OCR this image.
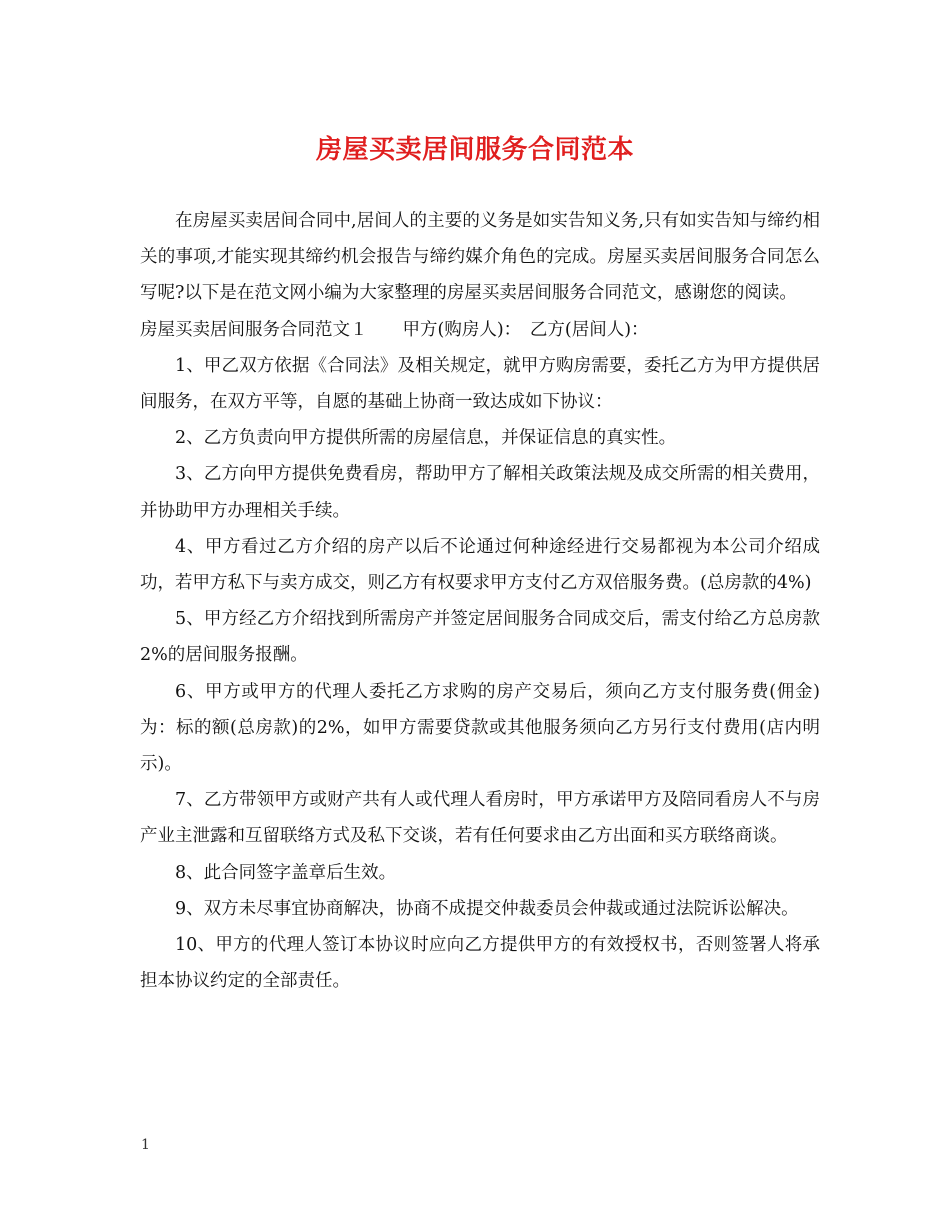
房屋买卖居间服务合同范本

在房屋买卖居间合同中,居间人的主要的义务是如实告知义务,只有如实告知与缔约相关的事项,才能实现其缔约机会报告与缔约媒介角色的完成。房屋买卖居间服务合同怎么写呢?以下是在范文网小编为大家整理的房屋买卖居间服务合同范文，感谢您的阅读。

房屋买卖居间服务合同范文１　　甲方(购房人)：　乙方(居间人)：

1、甲乙双方依据《合同法》及相关规定，就甲方购房需要，委托乙方为甲方提供居间服务，在双方平等，自愿的基础上协商一致达成如下协议：

2、乙方负责向甲方提供所需的房屋信息，并保证信息的真实性。

3、乙方向甲方提供免费看房，帮助甲方了解相关政策法规及成交所需的相关费用，并协助甲方办理相关手续。

4、甲方看过乙方介绍的房产以后不论通过何种途经进行交易都视为本公司介绍成功，若甲方私下与卖方成交，则乙方有权要求甲方支付乙方双倍服务费。(总房款的4%)

5、甲方经乙方介绍找到所需房产并签定居间服务合同成交后，需支付给乙方总房款2%的居间服务报酬。

6、甲方或甲方的代理人委托乙方求购的房产交易后，须向乙方支付服务费(佣金)为：标的额(总房款)的2%，如甲方需要贷款或其他服务须向乙方另行支付费用(店内明示)。

7、乙方带领甲方或财产共有人或代理人看房时，甲方承诺甲方及陪同看房人不与房产业主泄露和互留联络方式及私下交谈，若有任何要求由乙方出面和买方联络商谈。

8、此合同签字盖章后生效。

9、双方未尽事宜协商解决，协商不成提交仲裁委员会仲裁或通过法院诉讼解决。

10、甲方的代理人签订本协议时应向乙方提供甲方的有效授权书，否则签署人将承担本协议约定的全部责任。

1
